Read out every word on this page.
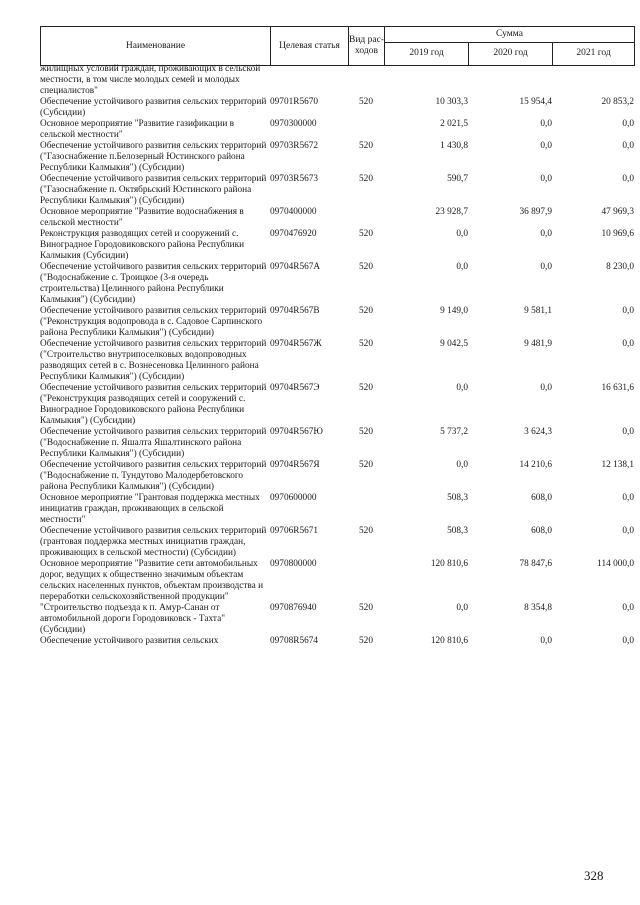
Наименование	Целевая статья	Вид рас-ходов	Сумма		
			2019 год	2020 год	2021 год
жилищных условий граждан, проживающих в сельской местности, в том числе молодых семей и молодых специалистов"					
Обеспечение устойчивого развития сельских территорий (Субсидии)	09701R5670	520	10 303,3	15 954,4	20 853,2
Основное мероприятие "Развитие газификации в сельской местности"	0970300000		2 021,5	0,0	0,0
Обеспечение устойчивого развития сельских территорий ("Газоснабжение п.Белозерный Юстинского района Республики Калмыкия") (Субсидии)	09703R5672	520	1 430,8	0,0	0,0
Обеспечение устойчивого развития сельских территорий ("Газоснабжение п. Октябрьский Юстинского района Республики Калмыкия") (Субсидии)	09703R5673	520	590,7	0,0	0,0
Основное мероприятие "Развитие водоснабжения в сельской местности"	0970400000		23 928,7	36 897,9	47 969,3
Реконструкция разводящих сетей и сооружений с. Виноградное Городовиковского района Республики Калмыкия (Субсидии)	0970476920	520	0,0	0,0	10 969,6
Обеспечение устойчивого развития сельских территорий ("Водоснабжение с. Троицкое (3-я очередь строительства) Целинного района Республики Калмыкия") (Субсидии)	09704R567A	520	0,0	0,0	8 230,0
Обеспечение устойчивого развития сельских территорий ("Реконструкция водопровода в с. Садовое Сарпинского района Республики Калмыкия") (Субсидии)	09704R567B	520	9 149,0	9 581,1	0,0
Обеспечение устойчивого развития сельских территорий ("Строительство внутрипоселковых водопроводных разводящих сетей в с. Вознесеновка Целинного района Республики Калмыкия") (Субсидии)	09704R567Ж	520	9 042,5	9 481,9	0,0
Обеспечение устойчивого развития сельских территорий ("Реконструкция разводящих сетей и сооружений с. Виноградное Городовиковского района Республики Калмыкия") (Субсидии)	09704R567Э	520	0,0	0,0	16 631,6
Обеспечение устойчивого развития сельских территорий ("Водоснабжение п. Яшалта Яшалтинского района Республики Калмыкия") (Субсидии)	09704R567Ю	520	5 737,2	3 624,3	0,0
Обеспечение устойчивого развития сельских территорий ("Водоснабжение п. Тундутово Малодербетовского района Республики Калмыкия") (Субсидии)	09704R567Я	520	0,0	14 210,6	12 138,1
Основное мероприятие "Грантовая поддержка местных инициатив граждан, проживающих в сельской местности"	0970600000		508,3	608,0	0,0
Обеспечение устойчивого развития сельских территорий (грантовая поддержка местных инициатив граждан, проживающих в сельской местности) (Субсидии)	09706R5671	520	508,3	608,0	0,0
Основное мероприятие "Развитие сети автомобильных дорог, ведущих к общественно значимым объектам сельских населенных пунктов, объектам производства и переработки сельскохозяйственной продукции"	0970800000		120 810,6	78 847,6	114 000,0
"Строительство подъезда к п. Амур-Санан от автомобильной дороги Городовиковск - Тахта" (Субсидии)	0970876940	520	0,0	8 354,8	0,0
Обеспечение устойчивого развития сельских	09708R5674	520	120 810,6	0,0	0,0
328
